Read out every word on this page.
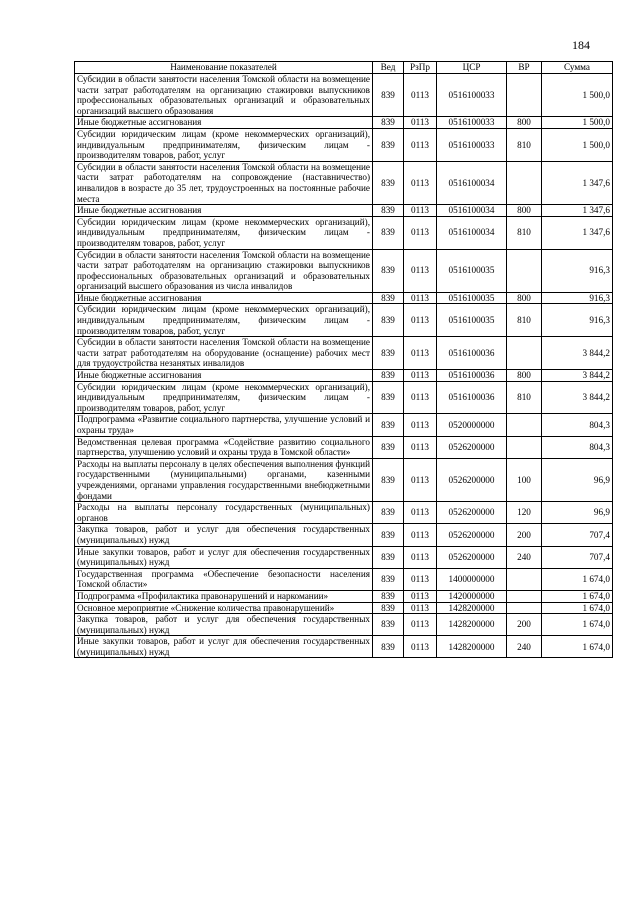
184
Наименование показателей	Вед	РзПр	ЦСР	ВР	Сумма
Субсидии в области занятости населения Томской области на возмещение части затрат работодателям на организацию стажировки выпускников профессиональных образовательных организаций и образовательных организаций высшего образования	839	0113	0516100033		1 500,0
Иные бюджетные ассигнования	839	0113	0516100033	800	1 500,0
Субсидии юридическим лицам (кроме некоммерческих организаций), индивидуальным предпринимателям, физическим лицам - производителям товаров, работ, услуг	839	0113	0516100033	810	1 500,0
Субсидии в области занятости населения Томской области на возмещение части затрат работодателям на сопровождение (наставничество) инвалидов в возрасте до 35 лет, трудоустроенных на постоянные рабочие места	839	0113	0516100034		1 347,6
Иные бюджетные ассигнования	839	0113	0516100034	800	1 347,6
Субсидии юридическим лицам (кроме некоммерческих организаций), индивидуальным предпринимателям, физическим лицам - производителям товаров, работ, услуг	839	0113	0516100034	810	1 347,6
Субсидии в области занятости населения Томской области на возмещение части затрат работодателям на организацию стажировки выпускников профессиональных образовательных организаций и образовательных организаций высшего образования из числа инвалидов	839	0113	0516100035		916,3
Иные бюджетные ассигнования	839	0113	0516100035	800	916,3
Субсидии юридическим лицам (кроме некоммерческих организаций), индивидуальным предпринимателям, физическим лицам - производителям товаров, работ, услуг	839	0113	0516100035	810	916,3
Субсидии в области занятости населения Томской области на возмещение части затрат работодателям на оборудование (оснащение) рабочих мест для трудоустройства незанятых инвалидов	839	0113	0516100036		3 844,2
Иные бюджетные ассигнования	839	0113	0516100036	800	3 844,2
Субсидии юридическим лицам (кроме некоммерческих организаций), индивидуальным предпринимателям, физическим лицам - производителям товаров, работ, услуг	839	0113	0516100036	810	3 844,2
Подпрограмма «Развитие социального партнерства, улучшение условий и охраны труда»	839	0113	0520000000		804,3
Ведомственная целевая программа «Содействие развитию социального партнерства, улучшению условий и охраны труда в Томской области»	839	0113	0526200000		804,3
Расходы на выплаты персоналу в целях обеспечения выполнения функций государственными (муниципальными) органами, казенными учреждениями, органами управления государственными внебюджетными фондами	839	0113	0526200000	100	96,9
Расходы на выплаты персоналу государственных (муниципальных) органов	839	0113	0526200000	120	96,9
Закупка товаров, работ и услуг для обеспечения государственных (муниципальных) нужд	839	0113	0526200000	200	707,4
Иные закупки товаров, работ и услуг для обеспечения государственных (муниципальных) нужд	839	0113	0526200000	240	707,4
Государственная программа «Обеспечение безопасности населения Томской области»	839	0113	1400000000		1 674,0
Подпрограмма «Профилактика правонарушений и наркомании»	839	0113	1420000000		1 674,0
Основное мероприятие «Снижение количества правонарушений»	839	0113	1428200000		1 674,0
Закупка товаров, работ и услуг для обеспечения государственных (муниципальных) нужд	839	0113	1428200000	200	1 674,0
Иные закупки товаров, работ и услуг для обеспечения государственных (муниципальных) нужд	839	0113	1428200000	240	1 674,0
